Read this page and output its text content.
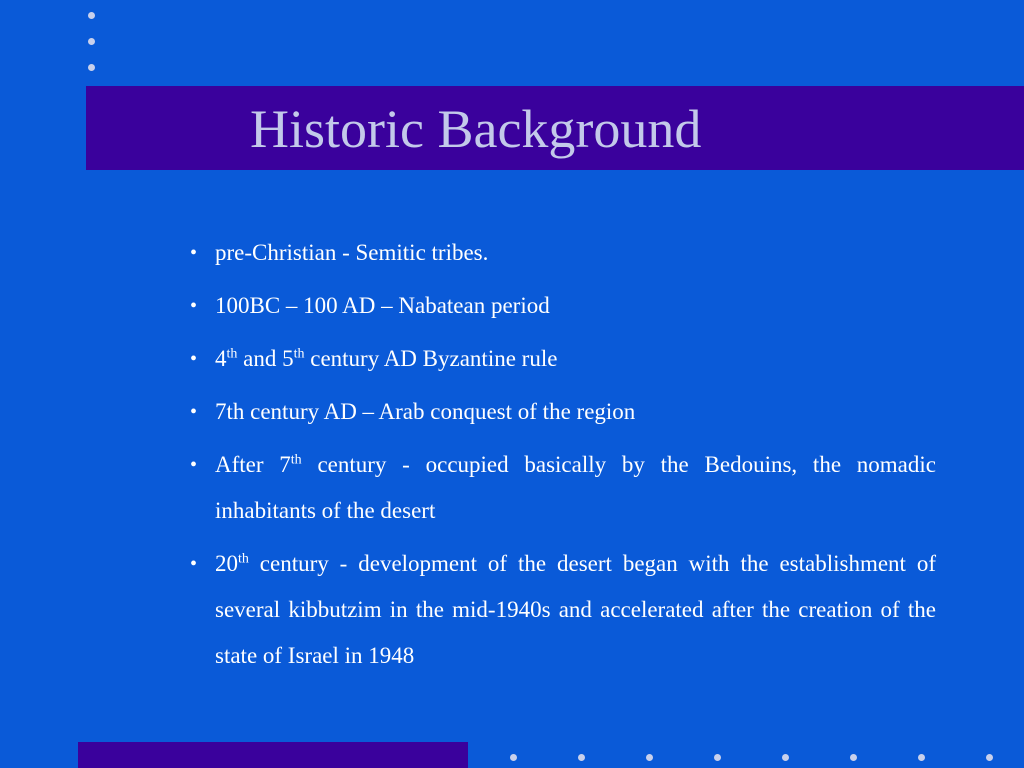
Historic Background
• pre-Christian - Semitic tribes.
• 100BC – 100 AD – Nabatean period
• 4th and 5th century AD Byzantine rule
• 7th century AD – Arab conquest of the region
• After 7th century - occupied basically by the Bedouins, the nomadic inhabitants of the desert
• 20th century - development of the desert began with the establishment of several kibbutzim in the mid-1940s and accelerated after the creation of the state of Israel in 1948
